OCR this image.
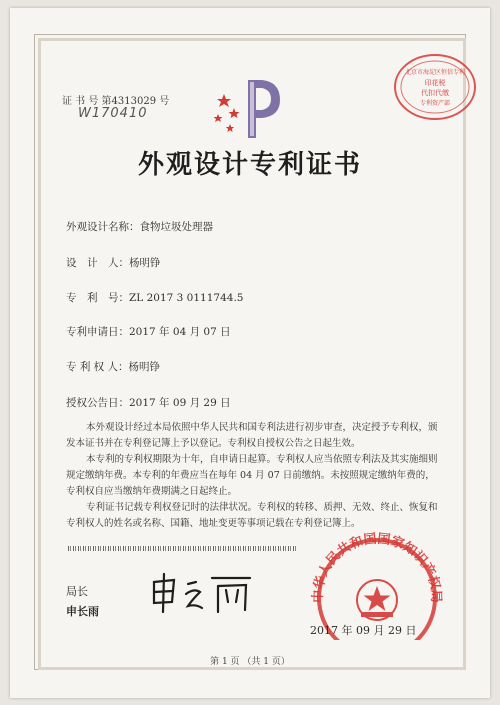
证 书 号 第4313029 号
W170410
外观设计专利证书
外观设计名称：食物垃圾处理器
设　计　人：杨明铮
专　利　号：ZL 2017 3 0111744.5
专利申请日：2017 年 04 月 07 日
专 利 权 人：杨明铮
授权公告日：2017 年 09 月 29 日
本外观设计经过本局依照中华人民共和国专利法进行初步审查，决定授予专利权，颁发本证书并在专利登记簿上予以登记。专利权自授权公告之日起生效。
本专利的专利权期限为十年，自申请日起算。专利权人应当依照专利法及其实施细则规定缴纳年费。本专利的年费应当在每年 04 月 07 日前缴纳。未按照规定缴纳年费的，专利权自应当缴纳年费期满之日起终止。
专利证书记载专利权登记时的法律状况。专利权的转移、质押、无效、终止、恢复和专利权人的姓名或名称、国籍、地址变更等事项记载在专利登记簿上。
局长
申长雨
中华人民共和国国家知识产权局
北京市海淀区恒信专利
印花税
代扣代缴
专利资产部
2017 年 09 月 29 日
第 1 页 （共 1 页）
